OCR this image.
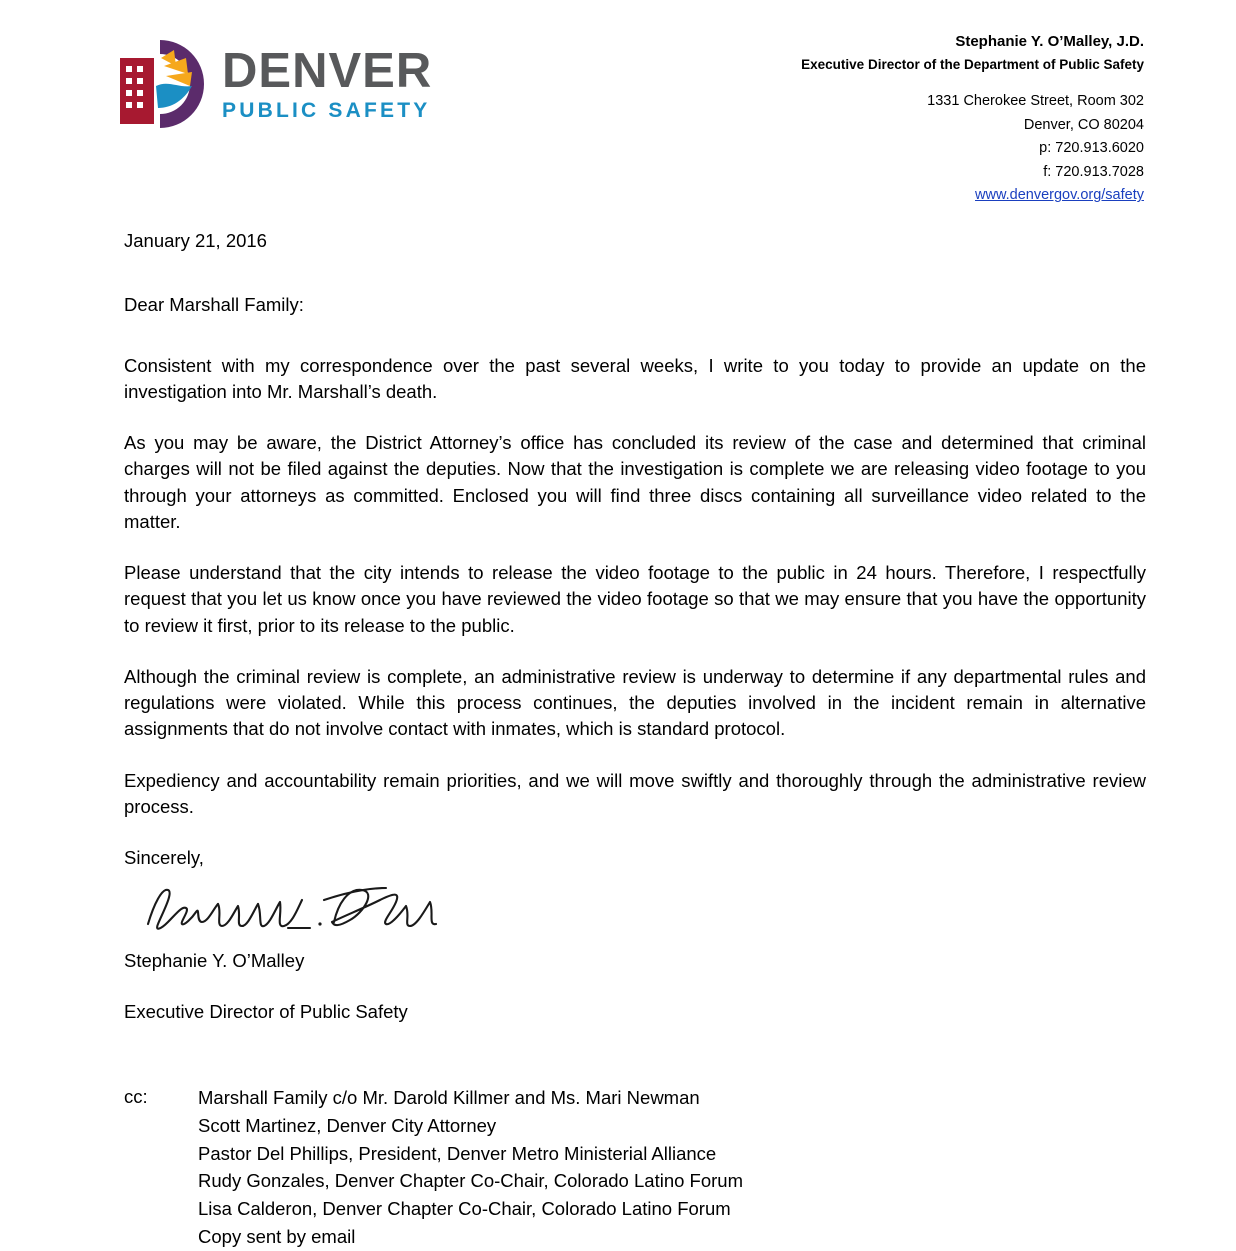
DENVER
PUBLIC SAFETY
Stephanie Y. O’Malley, J.D.
Executive Director of the Department of Public Safety
1331 Cherokee Street, Room 302
Denver, CO 80204
p: 720.913.6020
f: 720.913.7028
www.denvergov.org/safety

January 21, 2016

Dear Marshall Family:

Consistent with my correspondence over the past several weeks, I write to you today to provide an update on the investigation into Mr. Marshall’s death.

As you may be aware, the District Attorney’s office has concluded its review of the case and determined that criminal charges will not be filed against the deputies. Now that the investigation is complete we are releasing video footage to you through your attorneys as committed. Enclosed you will find three discs containing all surveillance video related to the matter.

Please understand that the city intends to release the video footage to the public in 24 hours. Therefore, I respectfully request that you let us know once you have reviewed the video footage so that we may ensure that you have the opportunity to review it first, prior to its release to the public.

Although the criminal review is complete, an administrative review is underway to determine if any departmental rules and regulations were violated. While this process continues, the deputies involved in the incident remain in alternative assignments that do not involve contact with inmates, which is standard protocol.

Expediency and accountability remain priorities, and we will move swiftly and thoroughly through the administrative review process.

Sincerely,

Stephanie Y. O’Malley

Executive Director of Public Safety

cc:	Marshall Family c/o Mr. Darold Killmer and Ms. Mari Newman
Scott Martinez, Denver City Attorney
Pastor Del Phillips, President, Denver Metro Ministerial Alliance
Rudy Gonzales, Denver Chapter Co-Chair, Colorado Latino Forum
Lisa Calderon, Denver Chapter Co-Chair, Colorado Latino Forum
Copy sent by email
